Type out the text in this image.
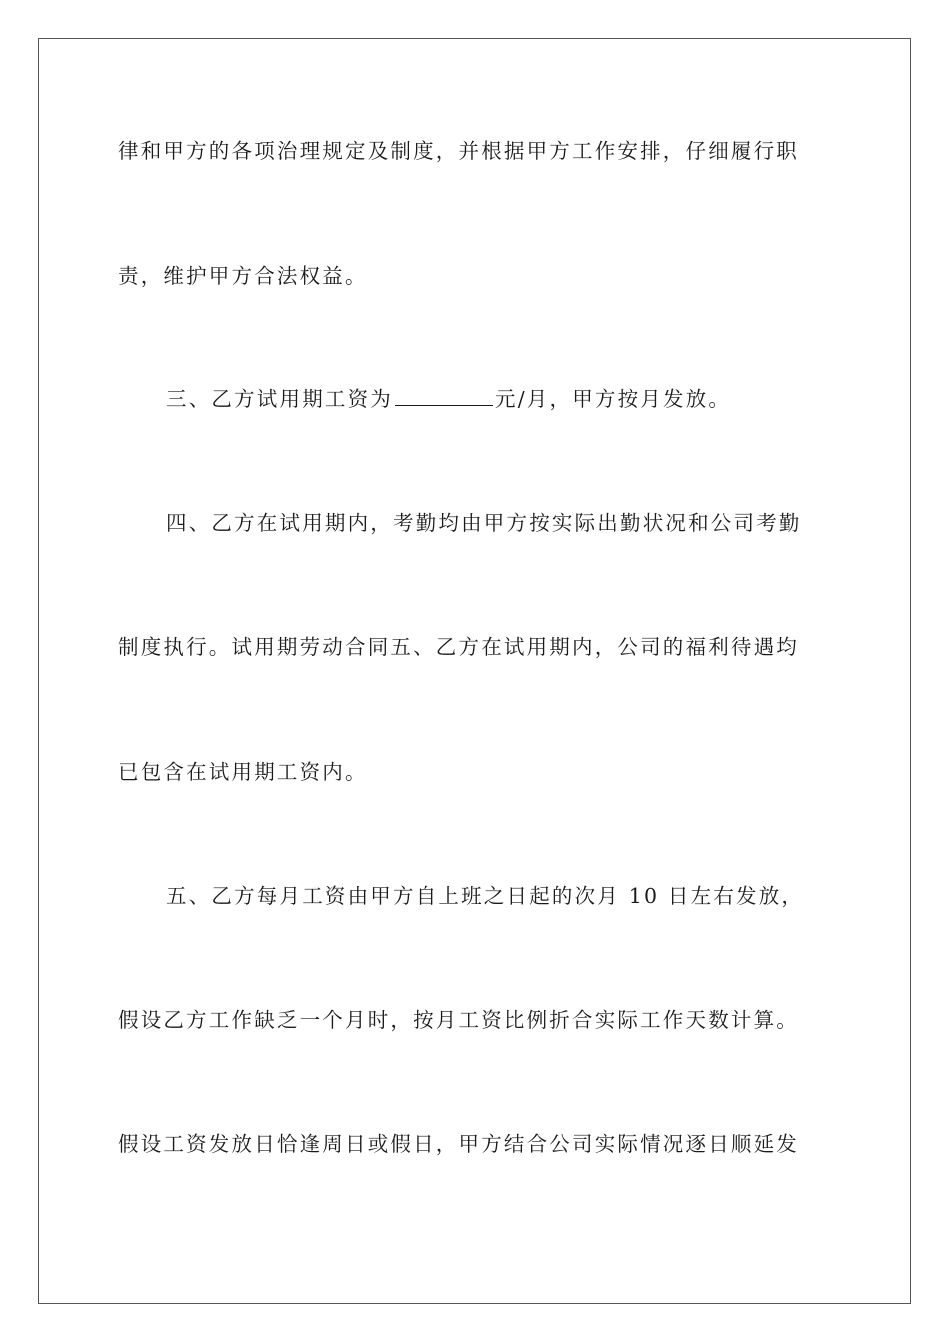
律和甲方的各项治理规定及制度，并根据甲方工作安排，仔细履行职
责，维护甲方合法权益。
三、乙方试用期工资为	元/月，甲方按月发放。
四、乙方在试用期内，考勤均由甲方按实际出勤状况和公司考勤
制度执行。试用期劳动合同五、乙方在试用期内，公司的福利待遇均
已包含在试用期工资内。
五、乙方每月工资由甲方自上班之日起的次月 10 日左右发放，
假设乙方工作缺乏一个月时，按月工资比例折合实际工作天数计算。
假设工资发放日恰逢周日或假日，甲方结合公司实际情况逐日顺延发
